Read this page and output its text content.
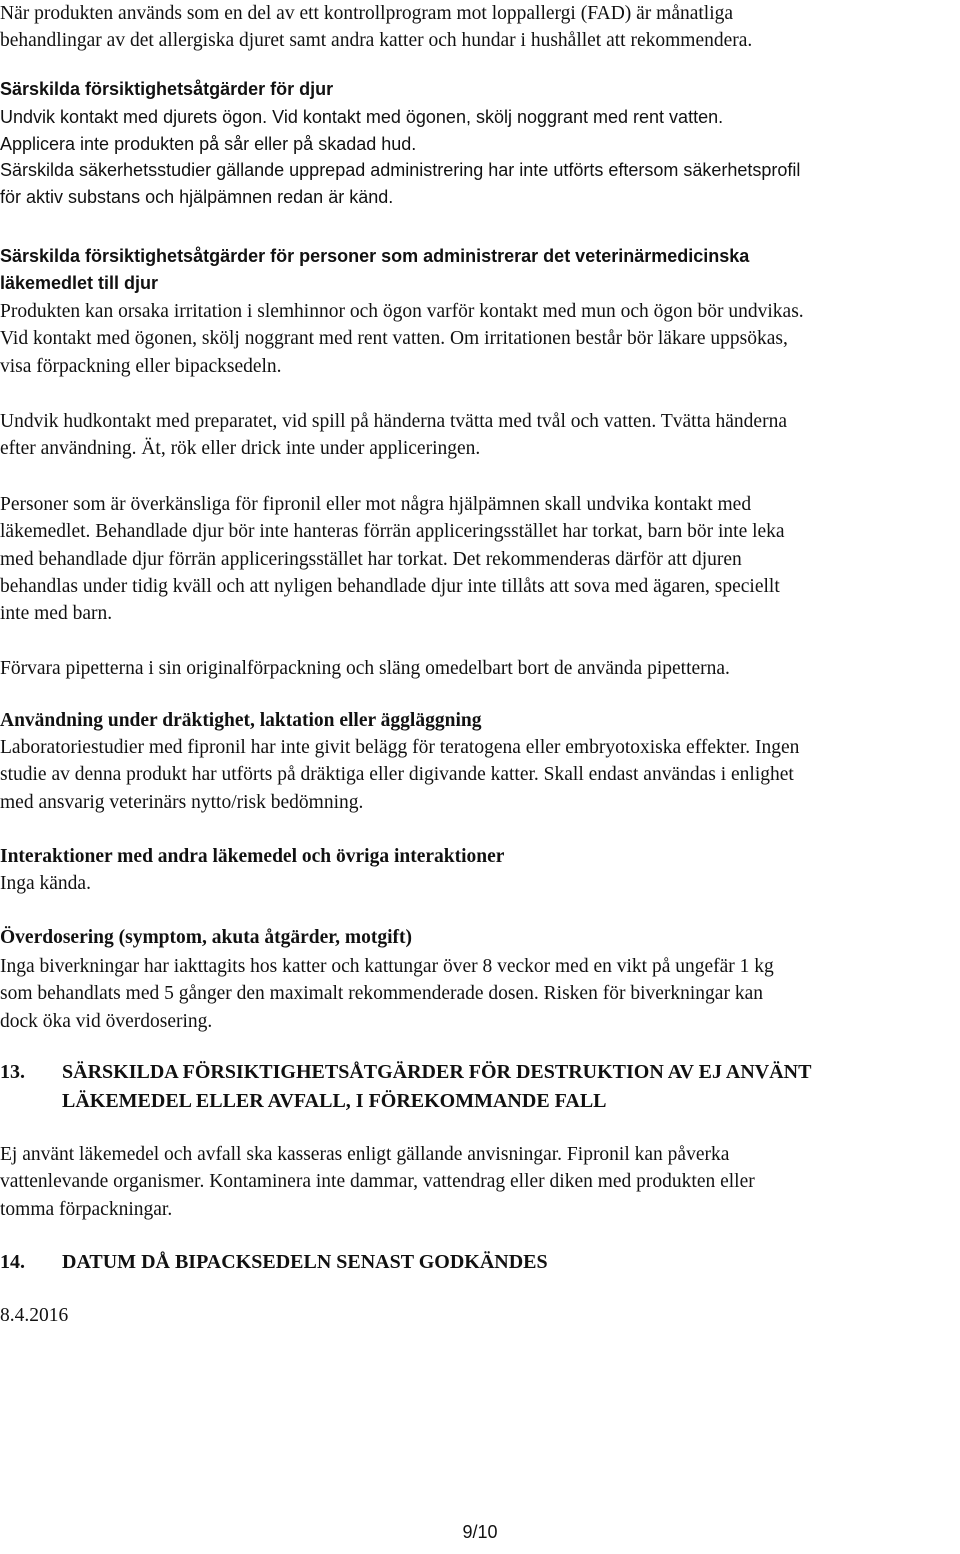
När produkten används som en del av ett kontrollprogram mot loppallergi (FAD) är månatliga
behandlingar av det allergiska djuret samt andra katter och hundar i hushållet att rekommendera.

Särskilda försiktighetsåtgärder för djur

Undvik kontakt med djurets ögon. Vid kontakt med ögonen, skölj noggrant med rent vatten.
Applicera inte produkten på sår eller på skadad hud.
Särskilda säkerhetsstudier gällande upprepad administrering har inte utförts eftersom säkerhetsprofil
för aktiv substans och hjälpämnen redan är känd.

Särskilda försiktighetsåtgärder för personer som administrerar det veterinärmedicinska
läkemedlet till djur

Produkten kan orsaka irritation i slemhinnor och ögon varför kontakt med mun och ögon bör undvikas.
Vid kontakt med ögonen, skölj noggrant med rent vatten. Om irritationen består bör läkare uppsökas,
visa förpackning eller bipacksedeln.

Undvik hudkontakt med preparatet, vid spill på händerna tvätta med tvål och vatten. Tvätta händerna
efter användning. Ät, rök eller drick inte under appliceringen.

Personer som är överkänsliga för fipronil eller mot några hjälpämnen skall undvika kontakt med
läkemedlet. Behandlade djur bör inte hanteras förrän appliceringsstället har torkat, barn bör inte leka
med behandlade djur förrän appliceringsstället har torkat. Det rekommenderas därför att djuren
behandlas under tidig kväll och att nyligen behandlade djur inte tillåts att sova med ägaren, speciellt
inte med barn.

Förvara pipetterna i sin originalförpackning och släng omedelbart bort de använda pipetterna.

Användning under dräktighet, laktation eller äggläggning

Laboratoriestudier med fipronil har inte givit belägg för teratogena eller embryotoxiska effekter. Ingen
studie av denna produkt har utförts på dräktiga eller digivande katter. Skall endast användas i enlighet
med ansvarig veterinärs nytto/risk bedömning.

Interaktioner med andra läkemedel och övriga interaktioner

Inga kända.

Överdosering (symptom, akuta åtgärder, motgift)

Inga biverkningar har iakttagits hos katter och kattungar över 8 veckor med en vikt på ungefär 1 kg
som behandlats med 5 gånger den maximalt rekommenderade dosen. Risken för biverkningar kan
dock öka vid överdosering.

13. SÄRSKILDA FÖRSIKTIGHETSÅTGÄRDER FÖR DESTRUKTION AV EJ ANVÄNT
LÄKEMEDEL ELLER AVFALL, I FÖREKOMMANDE FALL

Ej använt läkemedel och avfall ska kasseras enligt gällande anvisningar. Fipronil kan påverka
vattenlevande organismer. Kontaminera inte dammar, vattendrag eller diken med produkten eller
tomma förpackningar.

14. DATUM DÅ BIPACKSEDELN SENAST GODKÄNDES

8.4.2016

9/10
